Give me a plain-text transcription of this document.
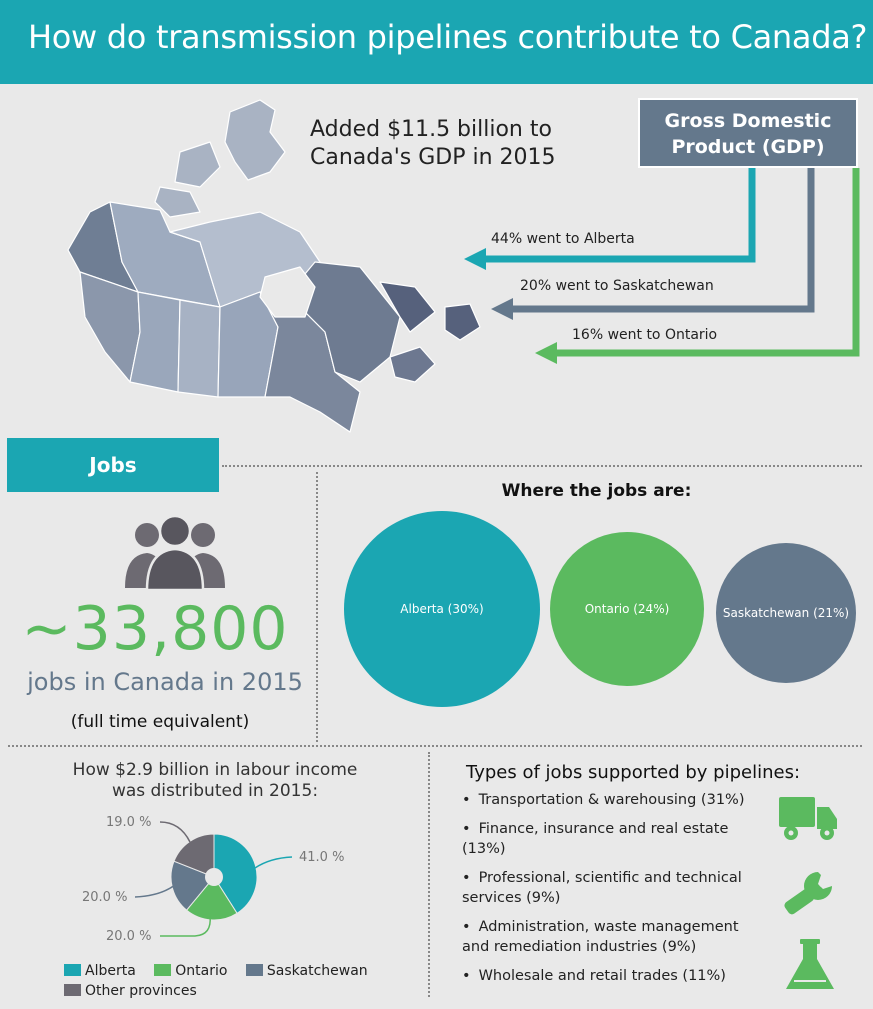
How do transmission pipelines contribute to Canada?
Added $11.5 billion to
Canada's GDP in 2015
Gross Domestic
Product (GDP)
44% went to Alberta
20% went to Saskatchewan
16% went to Ontario
Jobs
~33,800
jobs in Canada in 2015
(full time equivalent)
Where the jobs are:
Alberta (30%)	Ontario (24%)	Saskatchewan (21%)
How $2.9 billion in labour income
was distributed in 2015:
41.0 %
20.0 %
20.0 %
19.0 %
Alberta	Ontario	Saskatchewan
Other provinces
Types of jobs supported by pipelines:
• Transportation & warehousing (31%)
• Finance, insurance and real estate (13%)
• Professional, scientific and technical services (9%)
• Administration, waste management and remediation industries (9%)
• Wholesale and retail trades (11%)
